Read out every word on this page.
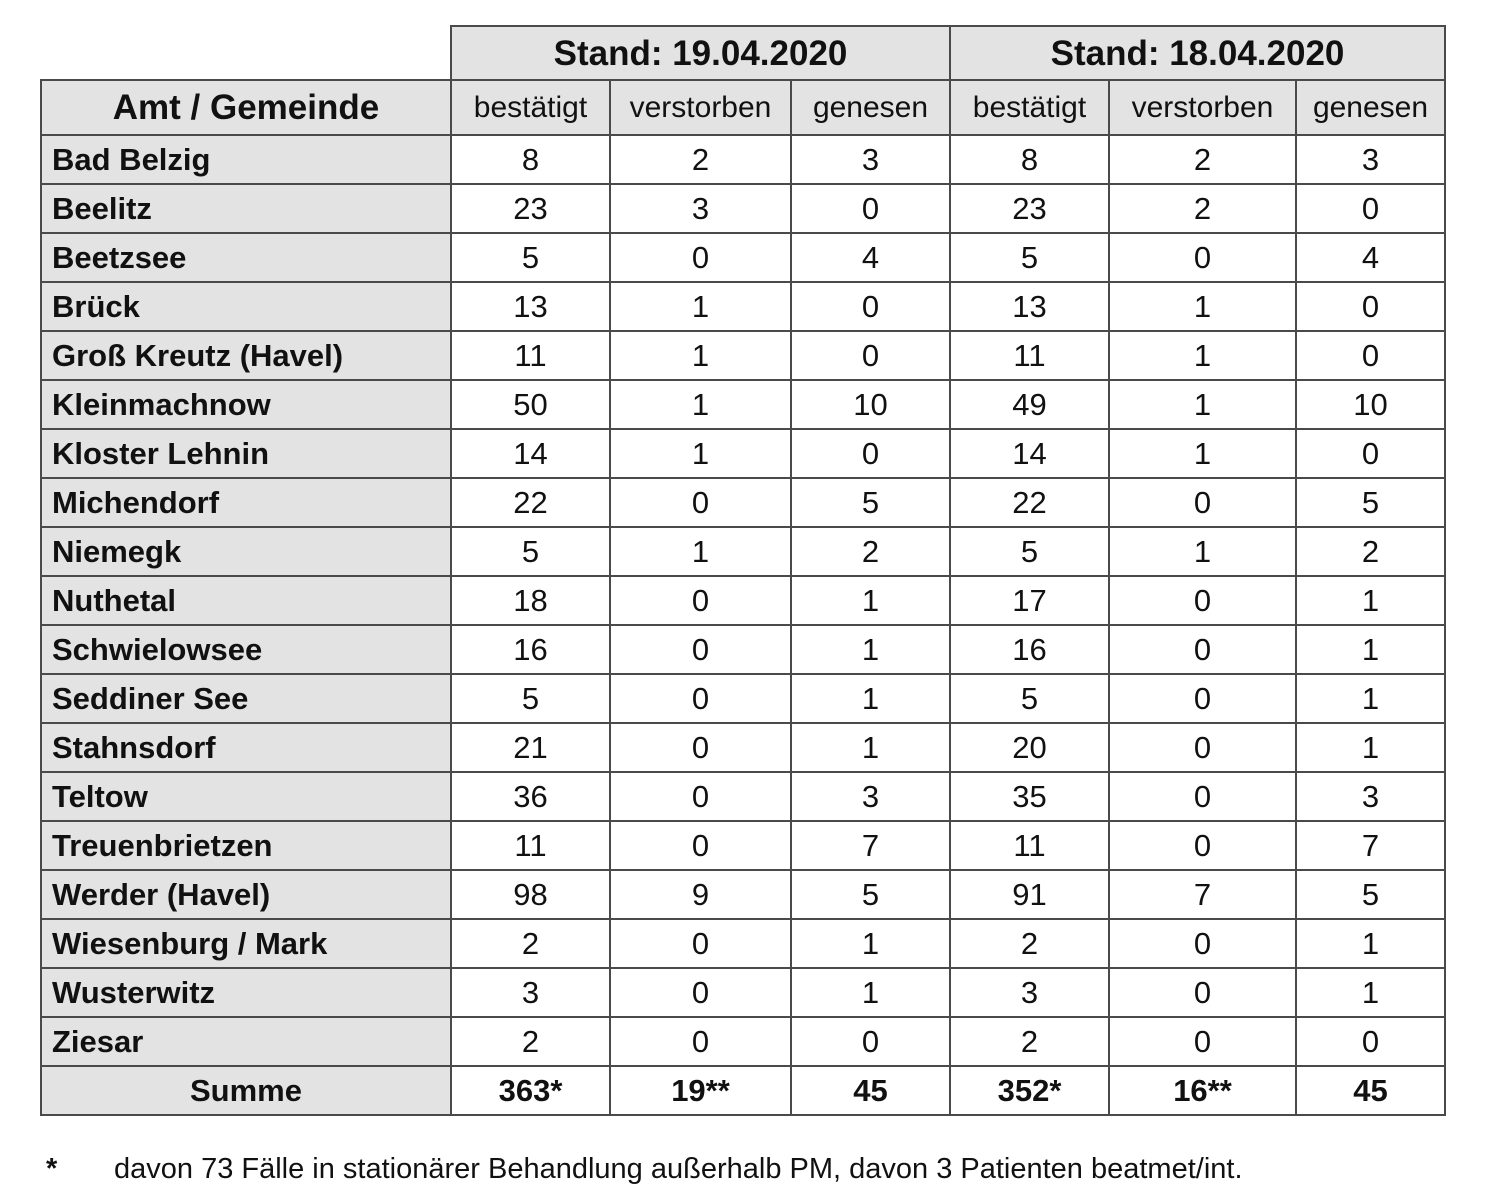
	Stand: 19.04.2020			Stand: 18.04.2020		
Amt / Gemeinde	bestätigt	verstorben	genesen	bestätigt	verstorben	genesen
Bad Belzig	8	2	3	8	2	3
Beelitz	23	3	0	23	2	0
Beetzsee	5	0	4	5	0	4
Brück	13	1	0	13	1	0
Groß Kreutz (Havel)	11	1	0	11	1	0
Kleinmachnow	50	1	10	49	1	10
Kloster Lehnin	14	1	0	14	1	0
Michendorf	22	0	5	22	0	5
Niemegk	5	1	2	5	1	2
Nuthetal	18	0	1	17	0	1
Schwielowsee	16	0	1	16	0	1
Seddiner See	5	0	1	5	0	1
Stahnsdorf	21	0	1	20	0	1
Teltow	36	0	3	35	0	3
Treuenbrietzen	11	0	7	11	0	7
Werder (Havel)	98	9	5	91	7	5
Wiesenburg / Mark	2	0	1	2	0	1
Wusterwitz	3	0	1	3	0	1
Ziesar	2	0	0	2	0	0
Summe	363*	19**	45	352*	16**	45
* davon 73 Fälle in stationärer Behandlung außerhalb PM, davon 3 Patienten beatmet/int.
